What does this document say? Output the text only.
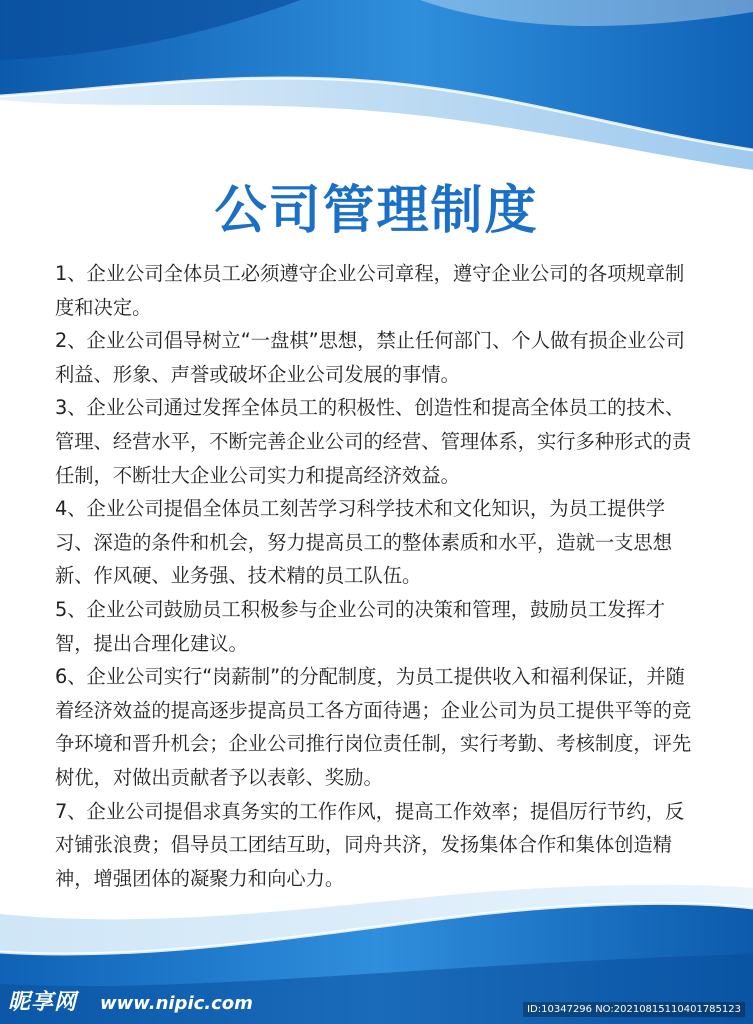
公司管理制度

1、企业公司全体员工必须遵守企业公司章程，遵守企业公司的各项规章制度和决定。

2、企业公司倡导树立“一盘棋”思想，禁止任何部门、个人做有损企业公司利益、形象、声誉或破坏企业公司发展的事情。

3、企业公司通过发挥全体员工的积极性、创造性和提高全体员工的技术、管理、经营水平，不断完善企业公司的经营、管理体系，实行多种形式的责任制，不断壮大企业公司实力和提高经济效益。

4、企业公司提倡全体员工刻苦学习科学技术和文化知识，为员工提供学习、深造的条件和机会，努力提高员工的整体素质和水平，造就一支思想新、作风硬、业务强、技术精的员工队伍。

5、企业公司鼓励员工积极参与企业公司的决策和管理，鼓励员工发挥才智，提出合理化建议。

6、企业公司实行“岗薪制”的分配制度，为员工提供收入和福利保证，并随着经济效益的提高逐步提高员工各方面待遇；企业公司为员工提供平等的竞争环境和晋升机会；企业公司推行岗位责任制，实行考勤、考核制度，评先树优，对做出贡献者予以表彰、奖励。

7、企业公司提倡求真务实的工作作风，提高工作效率；提倡厉行节约，反对铺张浪费；倡导员工团结互助，同舟共济，发扬集体合作和集体创造精神，增强团体的凝聚力和向心力。

昵享网 www.nipic.com	ID:10347296 NO:20210815110401785123
